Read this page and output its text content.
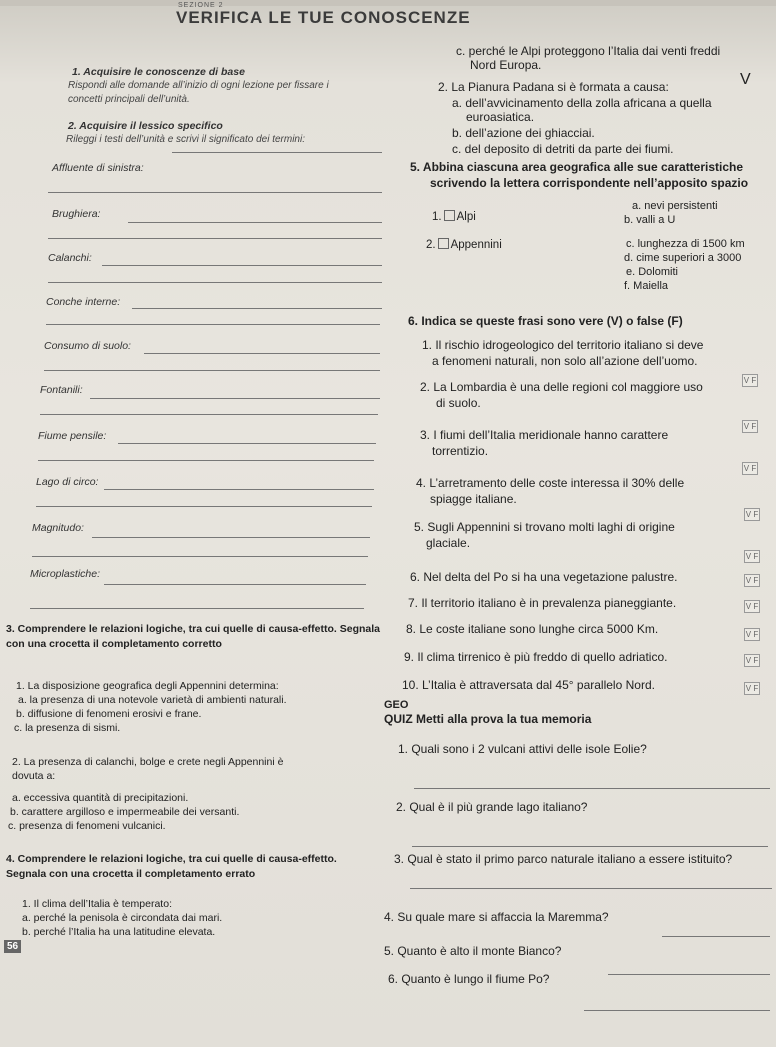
SEZIONE 2
VERIFICA LE TUE CONOSCENZE
1. Acquisire le conoscenze di base
Rispondi alle domande all’inizio di ogni lezione per fissare i
concetti principali dell’unità.
2. Acquisire il lessico specifico
Rileggi i testi dell’unità e scrivi il significato dei termini:
Affluente di sinistra:
Brughiera:
Calanchi:
Conche interne:
Consumo di suolo:
Fontanili:
Fiume pensile:
Lago di circo:
Magnitudo:
Microplastiche:
3. Comprendere le relazioni logiche, tra cui quelle di causa-effetto. Segnala con una crocetta il completamento corretto
1. La disposizione geografica degli Appennini determina:
a. la presenza di una notevole varietà di ambienti naturali.
b. diffusione di fenomeni erosivi e frane.
c. la presenza di sismi.
2. La presenza di calanchi, bolge e crete negli Appennini è
dovuta a:
a. eccessiva quantità di precipitazioni.
b. carattere argilloso e impermeabile dei versanti.
c. presenza di fenomeni vulcanici.
4. Comprendere le relazioni logiche, tra cui quelle di causa-effetto. Segnala con una crocetta il completamento errato
1. Il clima dell’Italia è temperato:
a. perché la penisola è circondata dai mari.
b. perché l’Italia ha una latitudine elevata.
56
c. perché le Alpi proteggono l’Italia dai venti freddi
Nord Europa.
V
2. La Pianura Padana si è formata a causa:
a. dell’avvicinamento della zolla africana a quella
euroasiatica.
b. dell’azione dei ghiacciai.
c. del deposito di detriti da parte dei fiumi.
5. Abbina ciascuna area geografica alle sue caratteristiche
scrivendo la lettera corrispondente nell’apposito spazio
1. Alpi
2. Appennini
a. nevi persistenti
b. valli a U
c. lunghezza di 1500 km
d. cime superiori a 3000
e. Dolomiti
f. Maiella
6. Indica se queste frasi sono vere (V) o false (F)
1. Il rischio idrogeologico del territorio italiano si deve
a fenomeni naturali, non solo all’azione dell’uomo.
V F
2. La Lombardia è una delle regioni col maggiore uso
di suolo.
V F
3. I fiumi dell’Italia meridionale hanno carattere
torrentizio.
V F
4. L’arretramento delle coste interessa il 30% delle
spiagge italiane.
V F
5. Sugli Appennini si trovano molti laghi di origine
glaciale.
V F
6. Nel delta del Po si ha una vegetazione palustre.	V F
7. Il territorio italiano è in prevalenza pianeggiante.	V F
8. Le coste italiane sono lunghe circa 5000 Km.	V F
9. Il clima tirrenico è più freddo di quello adriatico.	V F
10. L’Italia è attraversata dal 45° parallelo Nord.	V F
GEO
QUIZ Metti alla prova la tua memoria
1. Quali sono i 2 vulcani attivi delle isole Eolie?
2. Qual è il più grande lago italiano?
3. Qual è stato il primo parco naturale italiano a essere istituito?
4. Su quale mare si affaccia la Maremma?
5. Quanto è alto il monte Bianco?
6. Quanto è lungo il fiume Po?
